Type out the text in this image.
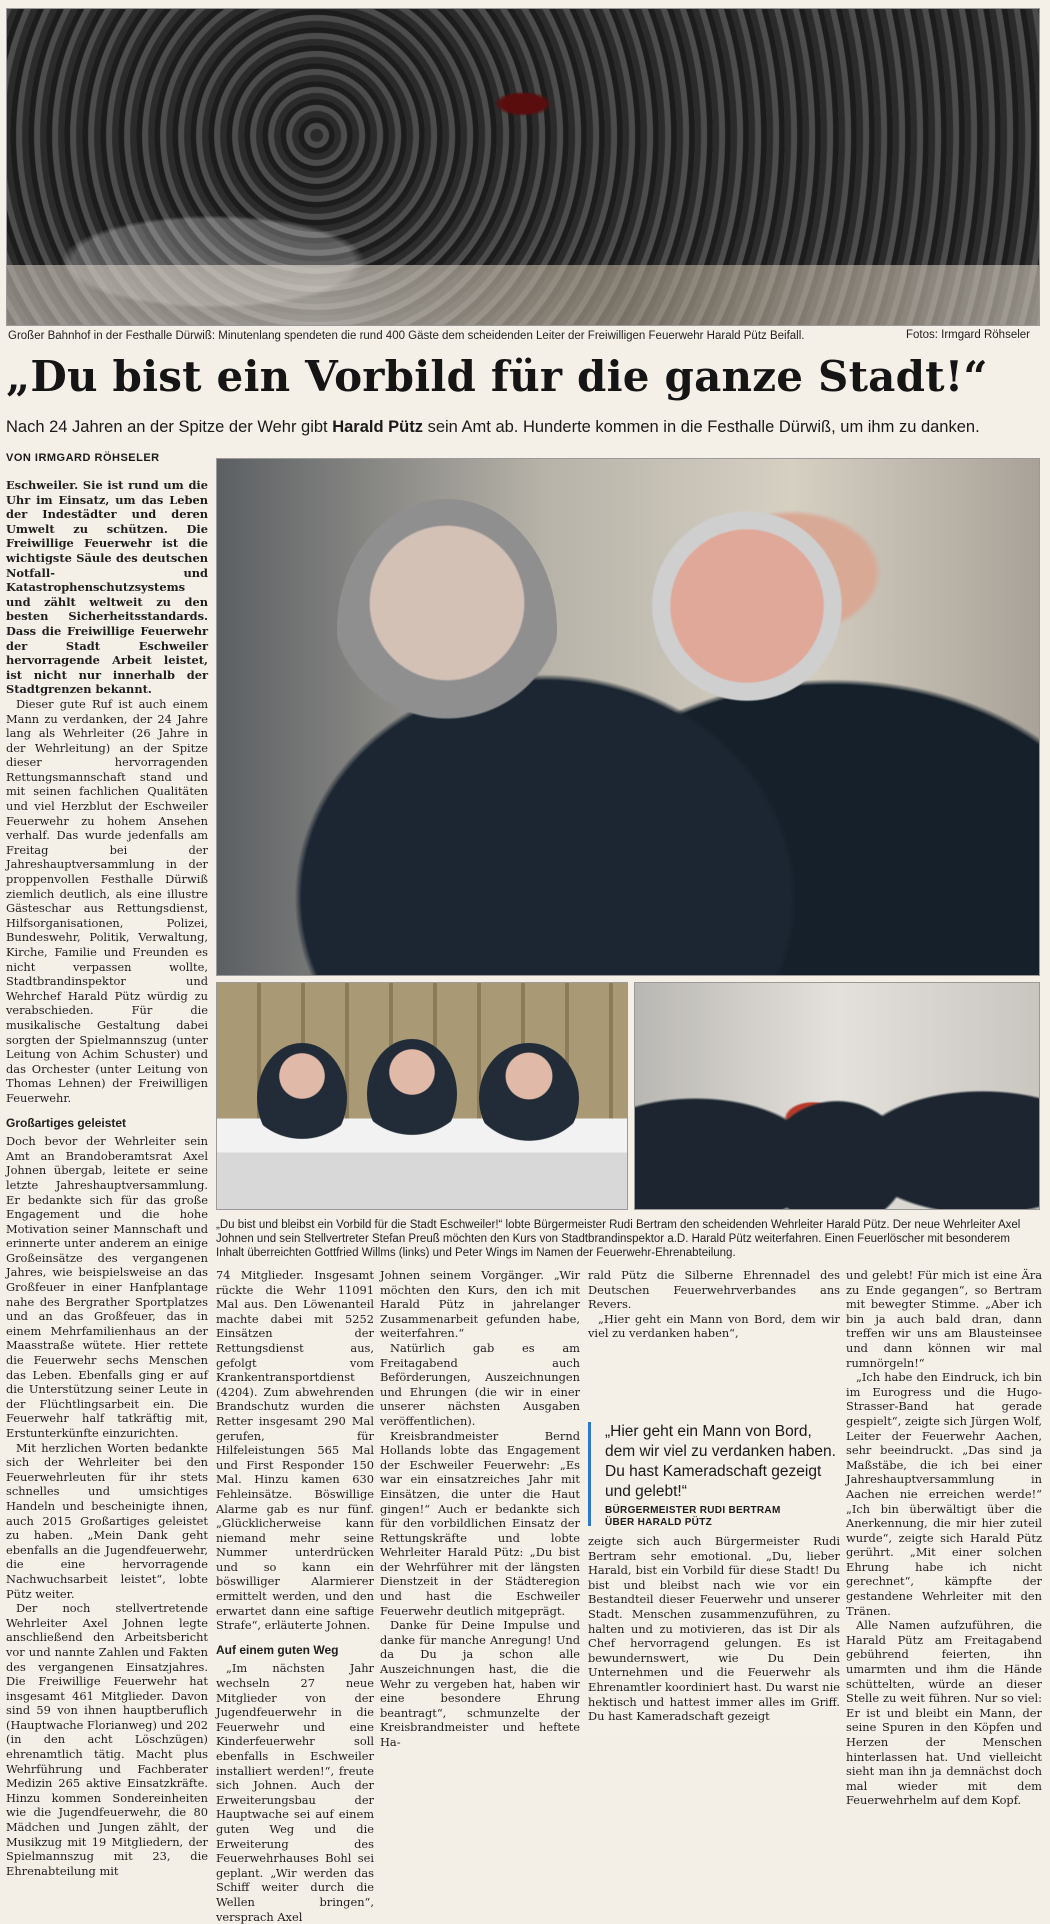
Großer Bahnhof in der Festhalle Dürwiß: Minutenlang spendeten die rund 400 Gäste dem scheidenden Leiter der Freiwilligen Feuerwehr Harald Pütz Beifall.	Fotos: Irmgard Röhseler
„Du bist ein Vorbild für die ganze Stadt!“
Nach 24 Jahren an der Spitze der Wehr gibt Harald Pütz sein Amt ab. Hunderte kommen in die Festhalle Dürwiß, um ihm zu danken.
VON IRMGARD RÖHSELER

Eschweiler. Sie ist rund um die Uhr im Einsatz, um das Leben der Indestädter und deren Umwelt zu schützen. Die Freiwillige Feuerwehr ist die wichtigste Säule des deutschen Notfall- und Katastrophenschutzsystems und zählt weltweit zu den besten Sicherheitsstandards. Dass die Freiwillige Feuerwehr der Stadt Eschweiler hervorragende Arbeit leistet, ist nicht nur innerhalb der Stadtgrenzen bekannt.

Dieser gute Ruf ist auch einem Mann zu verdanken, der 24 Jahre lang als Wehrleiter (26 Jahre in der Wehrleitung) an der Spitze dieser hervorragenden Rettungsmannschaft stand und mit seinen fachlichen Qualitäten und viel Herzblut der Eschweiler Feuerwehr zu hohem Ansehen verhalf. Das wurde jedenfalls am Freitag bei der Jahreshauptversammlung in der proppenvollen Festhalle Dürwiß ziemlich deutlich, als eine illustre Gästeschar aus Rettungsdienst, Hilfsorganisationen, Polizei, Bundeswehr, Politik, Verwaltung, Kirche, Familie und Freunden es nicht verpassen wollte, Stadtbrandinspektor und Wehrchef Harald Pütz würdig zu verabschieden. Für die musikalische Gestaltung dabei sorgten der Spielmannszug (unter Leitung von Achim Schuster) und das Orchester (unter Leitung von Thomas Lehnen) der Freiwilligen Feuerwehr.

Großartiges geleistet

Doch bevor der Wehrleiter sein Amt an Brandoberamtsrat Axel Johnen übergab, leitete er seine letzte Jahreshauptversammlung. Er bedankte sich für das große Engagement und die hohe Motivation seiner Mannschaft und erinnerte unter anderem an einige Großeinsätze des vergangenen Jahres, wie beispielsweise an das Großfeuer in einer Hanfplantage nahe des Bergrather Sportplatzes und an das Großfeuer, das in einem Mehrfamilienhaus an der Maasstraße wütete. Hier rettete die Feuerwehr sechs Menschen das Leben. Ebenfalls ging er auf die Unterstützung seiner Leute in der Flüchtlingsarbeit ein. Die Feuerwehr half tatkräftig mit, Erstunterkünfte einzurichten.

Mit herzlichen Worten bedankte sich der Wehrleiter bei den Feuerwehrleuten für ihr stets schnelles und umsichtiges Handeln und bescheinigte ihnen, auch 2015 Großartiges geleistet zu haben. „Mein Dank geht ebenfalls an die Jugendfeuerwehr, die eine hervorragende Nachwuchsarbeit leistet“, lobte Pütz weiter.

Der noch stellvertretende Wehrleiter Axel Johnen legte anschließend den Arbeitsbericht vor und nannte Zahlen und Fakten des vergangenen Einsatzjahres. Die Freiwillige Feuerwehr hat insgesamt 461 Mitglieder. Davon sind 59 von ihnen hauptberuflich (Hauptwache Florianweg) und 202 (in den acht Löschzügen) ehrenamtlich tätig. Macht plus Wehrführung und Fachberater Medizin 265 aktive Einsatzkräfte. Hinzu kommen Sondereinheiten wie die Jugendfeuerwehr, die 80 Mädchen und Jungen zählt, der Musikzug mit 19 Mitgliedern, der Spielmannszug mit 23, die Ehrenabteilung mit

„Du bist und bleibst ein Vorbild für die Stadt Eschweiler!“ lobte Bürgermeister Rudi Bertram den scheidenden Wehrleiter Harald Pütz. Der neue Wehrleiter Axel Johnen und sein Stellvertreter Stefan Preuß möchten den Kurs von Stadtbrandinspektor a.D. Harald Pütz weiterfahren. Einen Feuerlöscher mit besonderem Inhalt überreichten Gottfried Willms (links) und Peter Wings im Namen der Feuerwehr-Ehrenabteilung.

74 Mitglieder. Insgesamt rückte die Wehr 11091 Mal aus. Den Löwenanteil machte dabei mit 5252 Einsätzen der Rettungsdienst aus, gefolgt vom Krankentransportdienst (4204). Zum abwehrenden Brandschutz wurden die Retter insgesamt 290 Mal gerufen, für Hilfeleistungen 565 Mal und First Responder 150 Mal. Hinzu kamen 630 Fehleinsätze. Böswillige Alarme gab es nur fünf. „Glücklicherweise kann niemand mehr seine Nummer unterdrücken und so kann ein böswilliger Alarmierer ermittelt werden, und den erwartet dann eine saftige Strafe“, erläuterte Johnen.

Auf einem guten Weg

„Im nächsten Jahr wechseln 27 neue Mitglieder von der Jugendfeuerwehr in die Feuerwehr und eine Kinderfeuerwehr soll ebenfalls in Eschweiler installiert werden!“, freute sich Johnen. Auch der Erweiterungsbau der Hauptwache sei auf einem guten Weg und die Erweiterung des Feuerwehrhauses Bohl sei geplant. „Wir werden das Schiff weiter durch die Wellen bringen“, versprach Axel

Johnen seinem Vorgänger. „Wir möchten den Kurs, den ich mit Harald Pütz in jahrelanger Zusammenarbeit gefunden habe, weiterfahren.“

Natürlich gab es am Freitagabend auch Beförderungen, Auszeichnungen und Ehrungen (die wir in einer unserer nächsten Ausgaben veröffentlichen).

Kreisbrandmeister Bernd Hollands lobte das Engagement der Eschweiler Feuerwehr: „Es war ein einsatzreiches Jahr mit Einsätzen, die unter die Haut gingen!“ Auch er bedankte sich für den vorbildlichen Einsatz der Rettungskräfte und lobte Wehrleiter Harald Pütz: „Du bist der Wehrführer mit der längsten Dienstzeit in der Städteregion und hast die Eschweiler Feuerwehr deutlich mitgeprägt.

Danke für Deine Impulse und danke für manche Anregung! Und da Du ja schon alle Auszeichnungen hast, die die Wehr zu vergeben hat, haben wir eine besondere Ehrung beantragt“, schmunzelte der Kreisbrandmeister und heftete Ha-

rald Pütz die Silberne Ehrennadel des Deutschen Feuerwehrverbandes ans Revers.

„Hier geht ein Mann von Bord, dem wir viel zu verdanken haben“,

„Hier geht ein Mann von Bord, dem wir viel zu verdanken haben. Du hast Kameradschaft gezeigt und gelebt!“
BÜRGERMEISTER RUDI BERTRAM
ÜBER HARALD PÜTZ

zeigte sich auch Bürgermeister Rudi Bertram sehr emotional. „Du, lieber Harald, bist ein Vorbild für diese Stadt! Du bist und bleibst nach wie vor ein Bestandteil dieser Feuerwehr und unserer Stadt. Menschen zusammenzuführen, zu halten und zu motivieren, das ist Dir als Chef hervorragend gelungen. Es ist bewundernswert, wie Du Dein Unternehmen und die Feuerwehr als Ehrenamtler koordiniert hast. Du warst nie hektisch und hattest immer alles im Griff. Du hast Kameradschaft gezeigt

und gelebt! Für mich ist eine Ära zu Ende gegangen“, so Bertram mit bewegter Stimme. „Aber ich bin ja auch bald dran, dann treffen wir uns am Blausteinsee und dann können wir mal rumnörgeln!“

„Ich habe den Eindruck, ich bin im Eurogress und die Hugo-Strasser-Band hat gerade gespielt“, zeigte sich Jürgen Wolf, Leiter der Feuerwehr Aachen, sehr beeindruckt. „Das sind ja Maßstäbe, die ich bei einer Jahreshauptversammlung in Aachen nie erreichen werde!“ „Ich bin überwältigt über die Anerkennung, die mir hier zuteil wurde“, zeigte sich Harald Pütz gerührt. „Mit einer solchen Ehrung habe ich nicht gerechnet“, kämpfte der gestandene Wehrleiter mit den Tränen.

Alle Namen aufzuführen, die Harald Pütz am Freitagabend gebührend feierten, ihn umarmten und ihm die Hände schüttelten, würde an dieser Stelle zu weit führen. Nur so viel: Er ist und bleibt ein Mann, der seine Spuren in den Köpfen und Herzen der Menschen hinterlassen hat. Und vielleicht sieht man ihn ja demnächst doch mal wieder mit dem Feuerwehrhelm auf dem Kopf.
